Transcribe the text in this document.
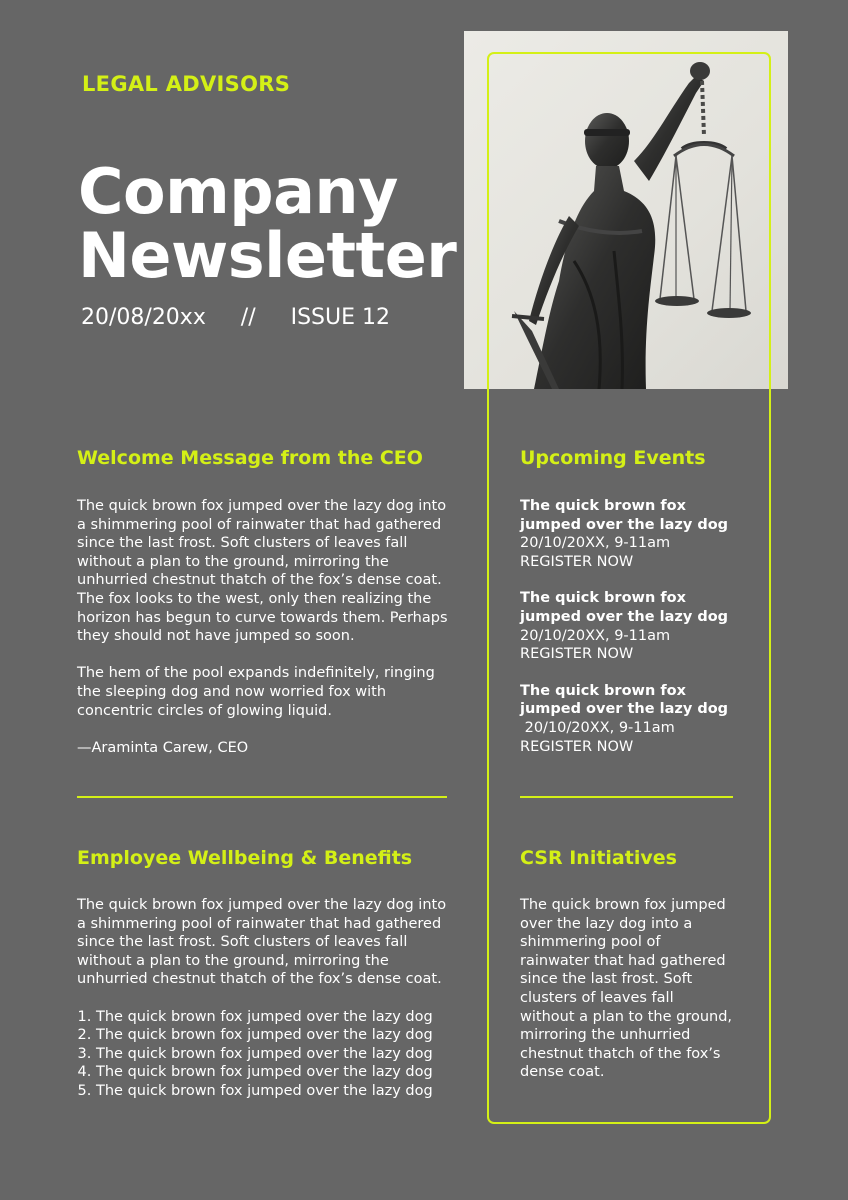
LEGAL ADVISORS
Company
Newsletter
20/08/20xx     //     ISSUE 12
Welcome Message from the CEO

The quick brown fox jumped over the lazy dog into a shimmering pool of rainwater that had gathered since the last frost. Soft clusters of leaves fall without a plan to the ground, mirroring the unhurried chestnut thatch of the fox’s dense coat. The fox looks to the west, only then realizing the horizon has begun to curve towards them. Perhaps they should not have jumped so soon.

The hem of the pool expands indefinitely, ringing the sleeping dog and now worried fox with concentric circles of glowing liquid.

—Araminta Carew, CEO

Upcoming Events
The quick brown fox jumped over the lazy dog
20/10/20XX, 9-11am
REGISTER NOW
The quick brown fox jumped over the lazy dog
20/10/20XX, 9-11am
REGISTER NOW
The quick brown fox jumped over the lazy dog
20/10/20XX, 9-11am
REGISTER NOW
Employee Wellbeing & Benefits

The quick brown fox jumped over the lazy dog into a shimmering pool of rainwater that had gathered since the last frost. Soft clusters of leaves fall without a plan to the ground, mirroring the unhurried chestnut thatch of the fox’s dense coat.

1. The quick brown fox jumped over the lazy dog
2. The quick brown fox jumped over the lazy dog
3. The quick brown fox jumped over the lazy dog
4. The quick brown fox jumped over the lazy dog
5. The quick brown fox jumped over the lazy dog
CSR Initiatives
The quick brown fox jumped over the lazy dog into a shimmering pool of rainwater that had gathered since the last frost. Soft clusters of leaves fall without a plan to the ground, mirroring the unhurried chestnut thatch of the fox’s dense coat.
